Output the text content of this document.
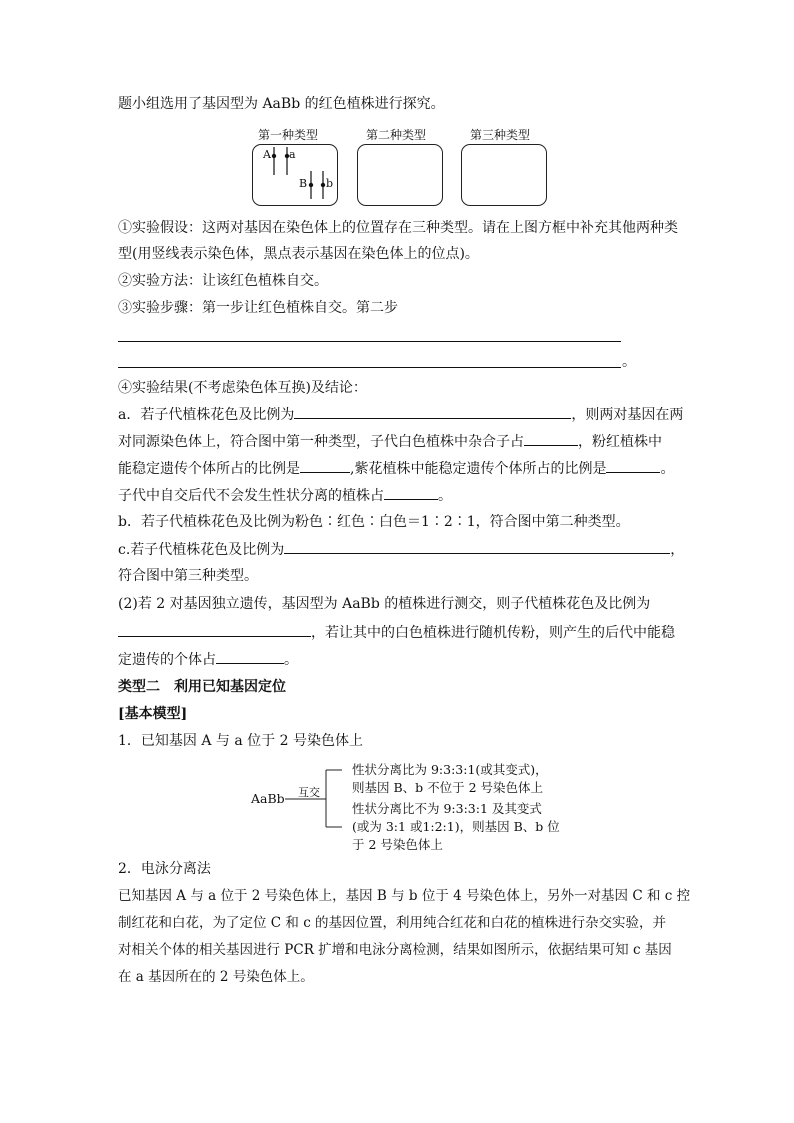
题小组选用了基因型为 AaBb 的红色植株进行探究。
第一种类型	第二种类型	第三种类型
A a
B b
①实验假设：这两对基因在染色体上的位置存在三种类型。请在上图方框中补充其他两种类
型(用竖线表示染色体，黑点表示基因在染色体上的位点)。
②实验方法：让该红色植株自交。
③实验步骤：第一步让红色植株自交。第二步
。
④实验结果(不考虑染色体互换)及结论：
a．若子代植株花色及比例为	，则两对基因在两
对同源染色体上，符合图中第一种类型，子代白色植株中杂合子占	，粉红植株中
能稳定遗传个体所占的比例是	,紫花植株中能稳定遗传个体所占的比例是	。
子代中自交后代不会发生性状分离的植株占	。
b．若子代植株花色及比例为粉色∶红色∶白色＝1∶2∶1，符合图中第二种类型。
c.若子代植株花色及比例为	，
符合图中第三种类型。
(2)若 2 对基因独立遗传，基因型为 AaBb 的植株进行测交，则子代植株花色及比例为
，若让其中的白色植株进行随机传粉，则产生的后代中能稳
定遗传的个体占	。
类型二　利用已知基因定位
[基本模型]
1．已知基因 A 与 a 位于 2 号染色体上
AaBb 互交
性状分离比为 9:3:3:1(或其变式)，
则基因 B、b 不位于 2 号染色体上
性状分离比不为 9:3:3:1 及其变式
(或为 3:1 或1:2:1)，则基因 B、b 位
于 2 号染色体上
2．电泳分离法
已知基因 A 与 a 位于 2 号染色体上，基因 B 与 b 位于 4 号染色体上，另外一对基因 C 和 c 控
制红花和白花，为了定位 C 和 c 的基因位置，利用纯合红花和白花的植株进行杂交实验，并
对相关个体的相关基因进行 PCR 扩增和电泳分离检测，结果如图所示，依据结果可知 c 基因
在 a 基因所在的 2 号染色体上。
